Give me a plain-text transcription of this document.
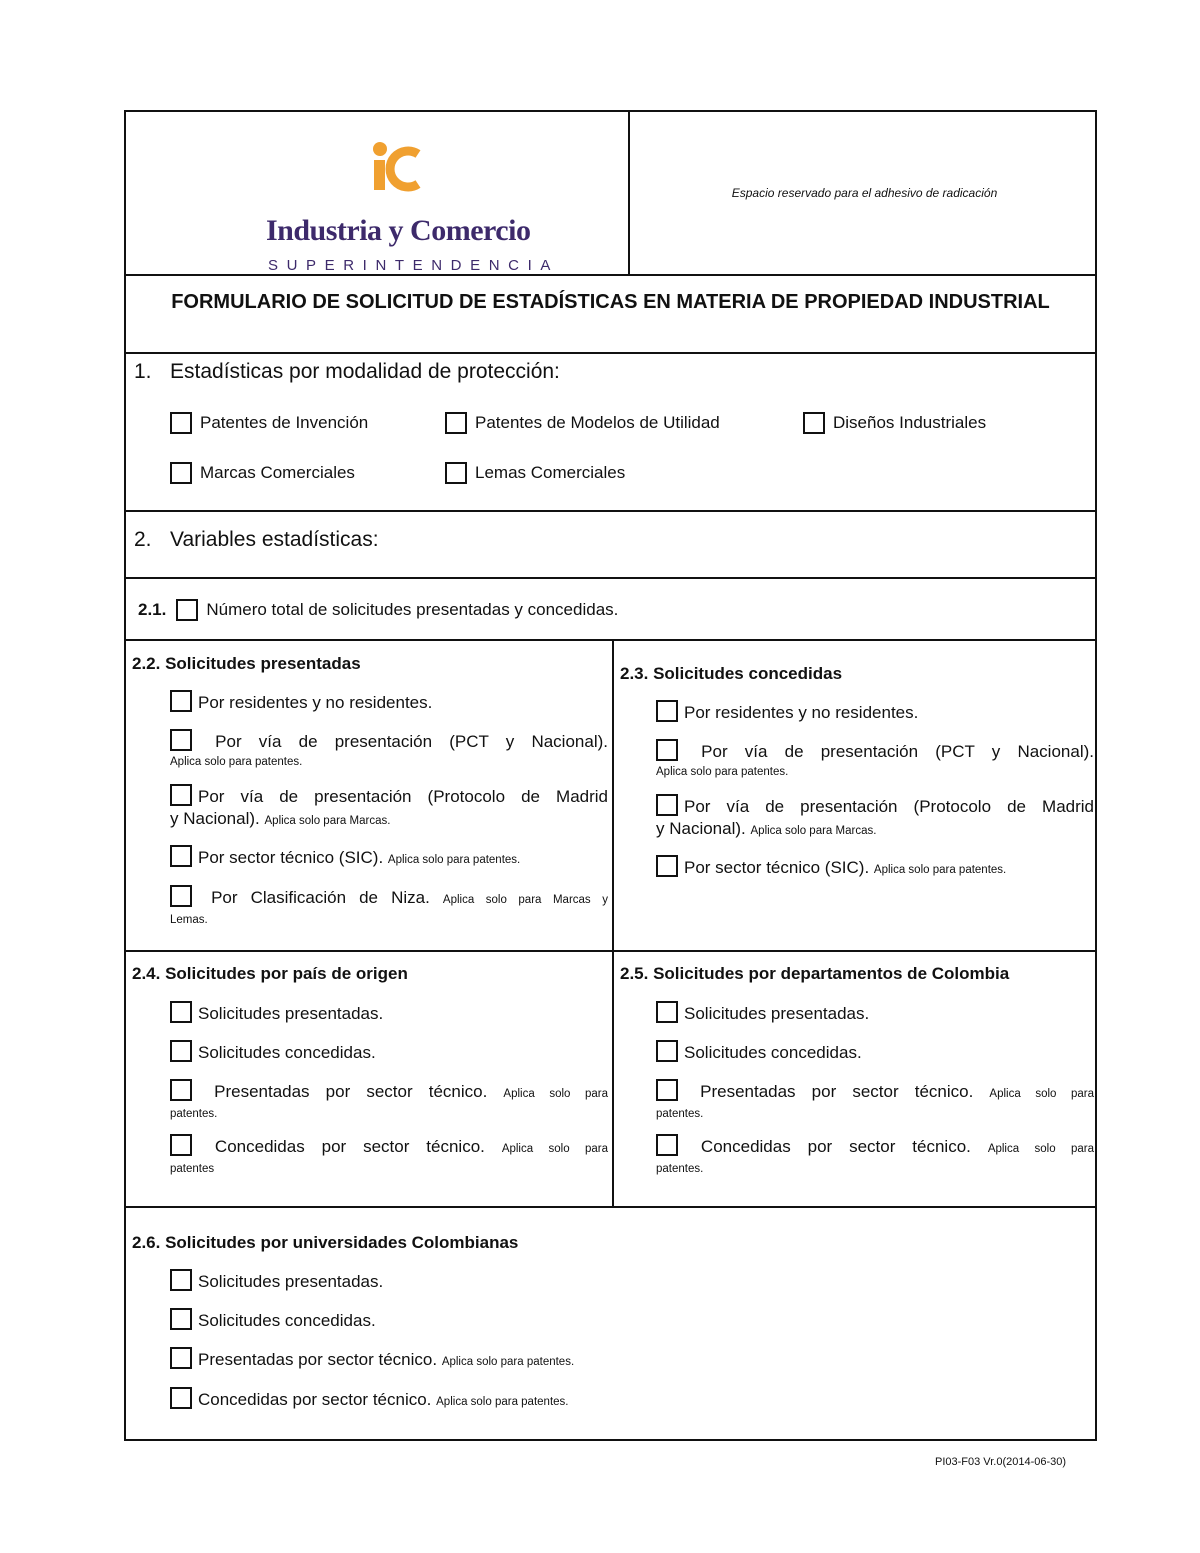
Industria y Comercio
SUPERINTENDENCIA
Espacio reservado para el adhesivo de radicación
FORMULARIO DE SOLICITUD DE ESTADÍSTICAS EN MATERIA DE PROPIEDAD INDUSTRIAL
1. Estadísticas por modalidad de protección:
Patentes de Invención	Patentes de Modelos de Utilidad	Diseños Industriales
Marcas Comerciales	Lemas Comerciales
2. Variables estadísticas:
2.1. Número total de solicitudes presentadas y concedidas.
2.2. Solicitudes presentadas
Por residentes y no residentes.
Por vía de presentación (PCT y Nacional).
Aplica solo para patentes.
Por vía de presentación (Protocolo de Madrid
y Nacional). Aplica solo para Marcas.
Por sector técnico (SIC). Aplica solo para patentes.
Por Clasificación de Niza. Aplica solo para Marcas y
Lemas.
2.3. Solicitudes concedidas
Por residentes y no residentes.
Por vía de presentación (PCT y Nacional).
Aplica solo para patentes.
Por vía de presentación (Protocolo de Madrid
y Nacional). Aplica solo para Marcas.
Por sector técnico (SIC). Aplica solo para patentes.
2.4. Solicitudes por país de origen
Solicitudes presentadas.
Solicitudes concedidas.
Presentadas por sector técnico. Aplica solo para
patentes.
Concedidas por sector técnico. Aplica solo para
patentes
2.5. Solicitudes por departamentos de Colombia
Solicitudes presentadas.
Solicitudes concedidas.
Presentadas por sector técnico. Aplica solo para
patentes.
Concedidas por sector técnico. Aplica solo para
patentes.
2.6. Solicitudes por universidades Colombianas
Solicitudes presentadas.
Solicitudes concedidas.
Presentadas por sector técnico. Aplica solo para patentes.
Concedidas por sector técnico. Aplica solo para patentes.
PI03-F03 Vr.0(2014-06-30)
